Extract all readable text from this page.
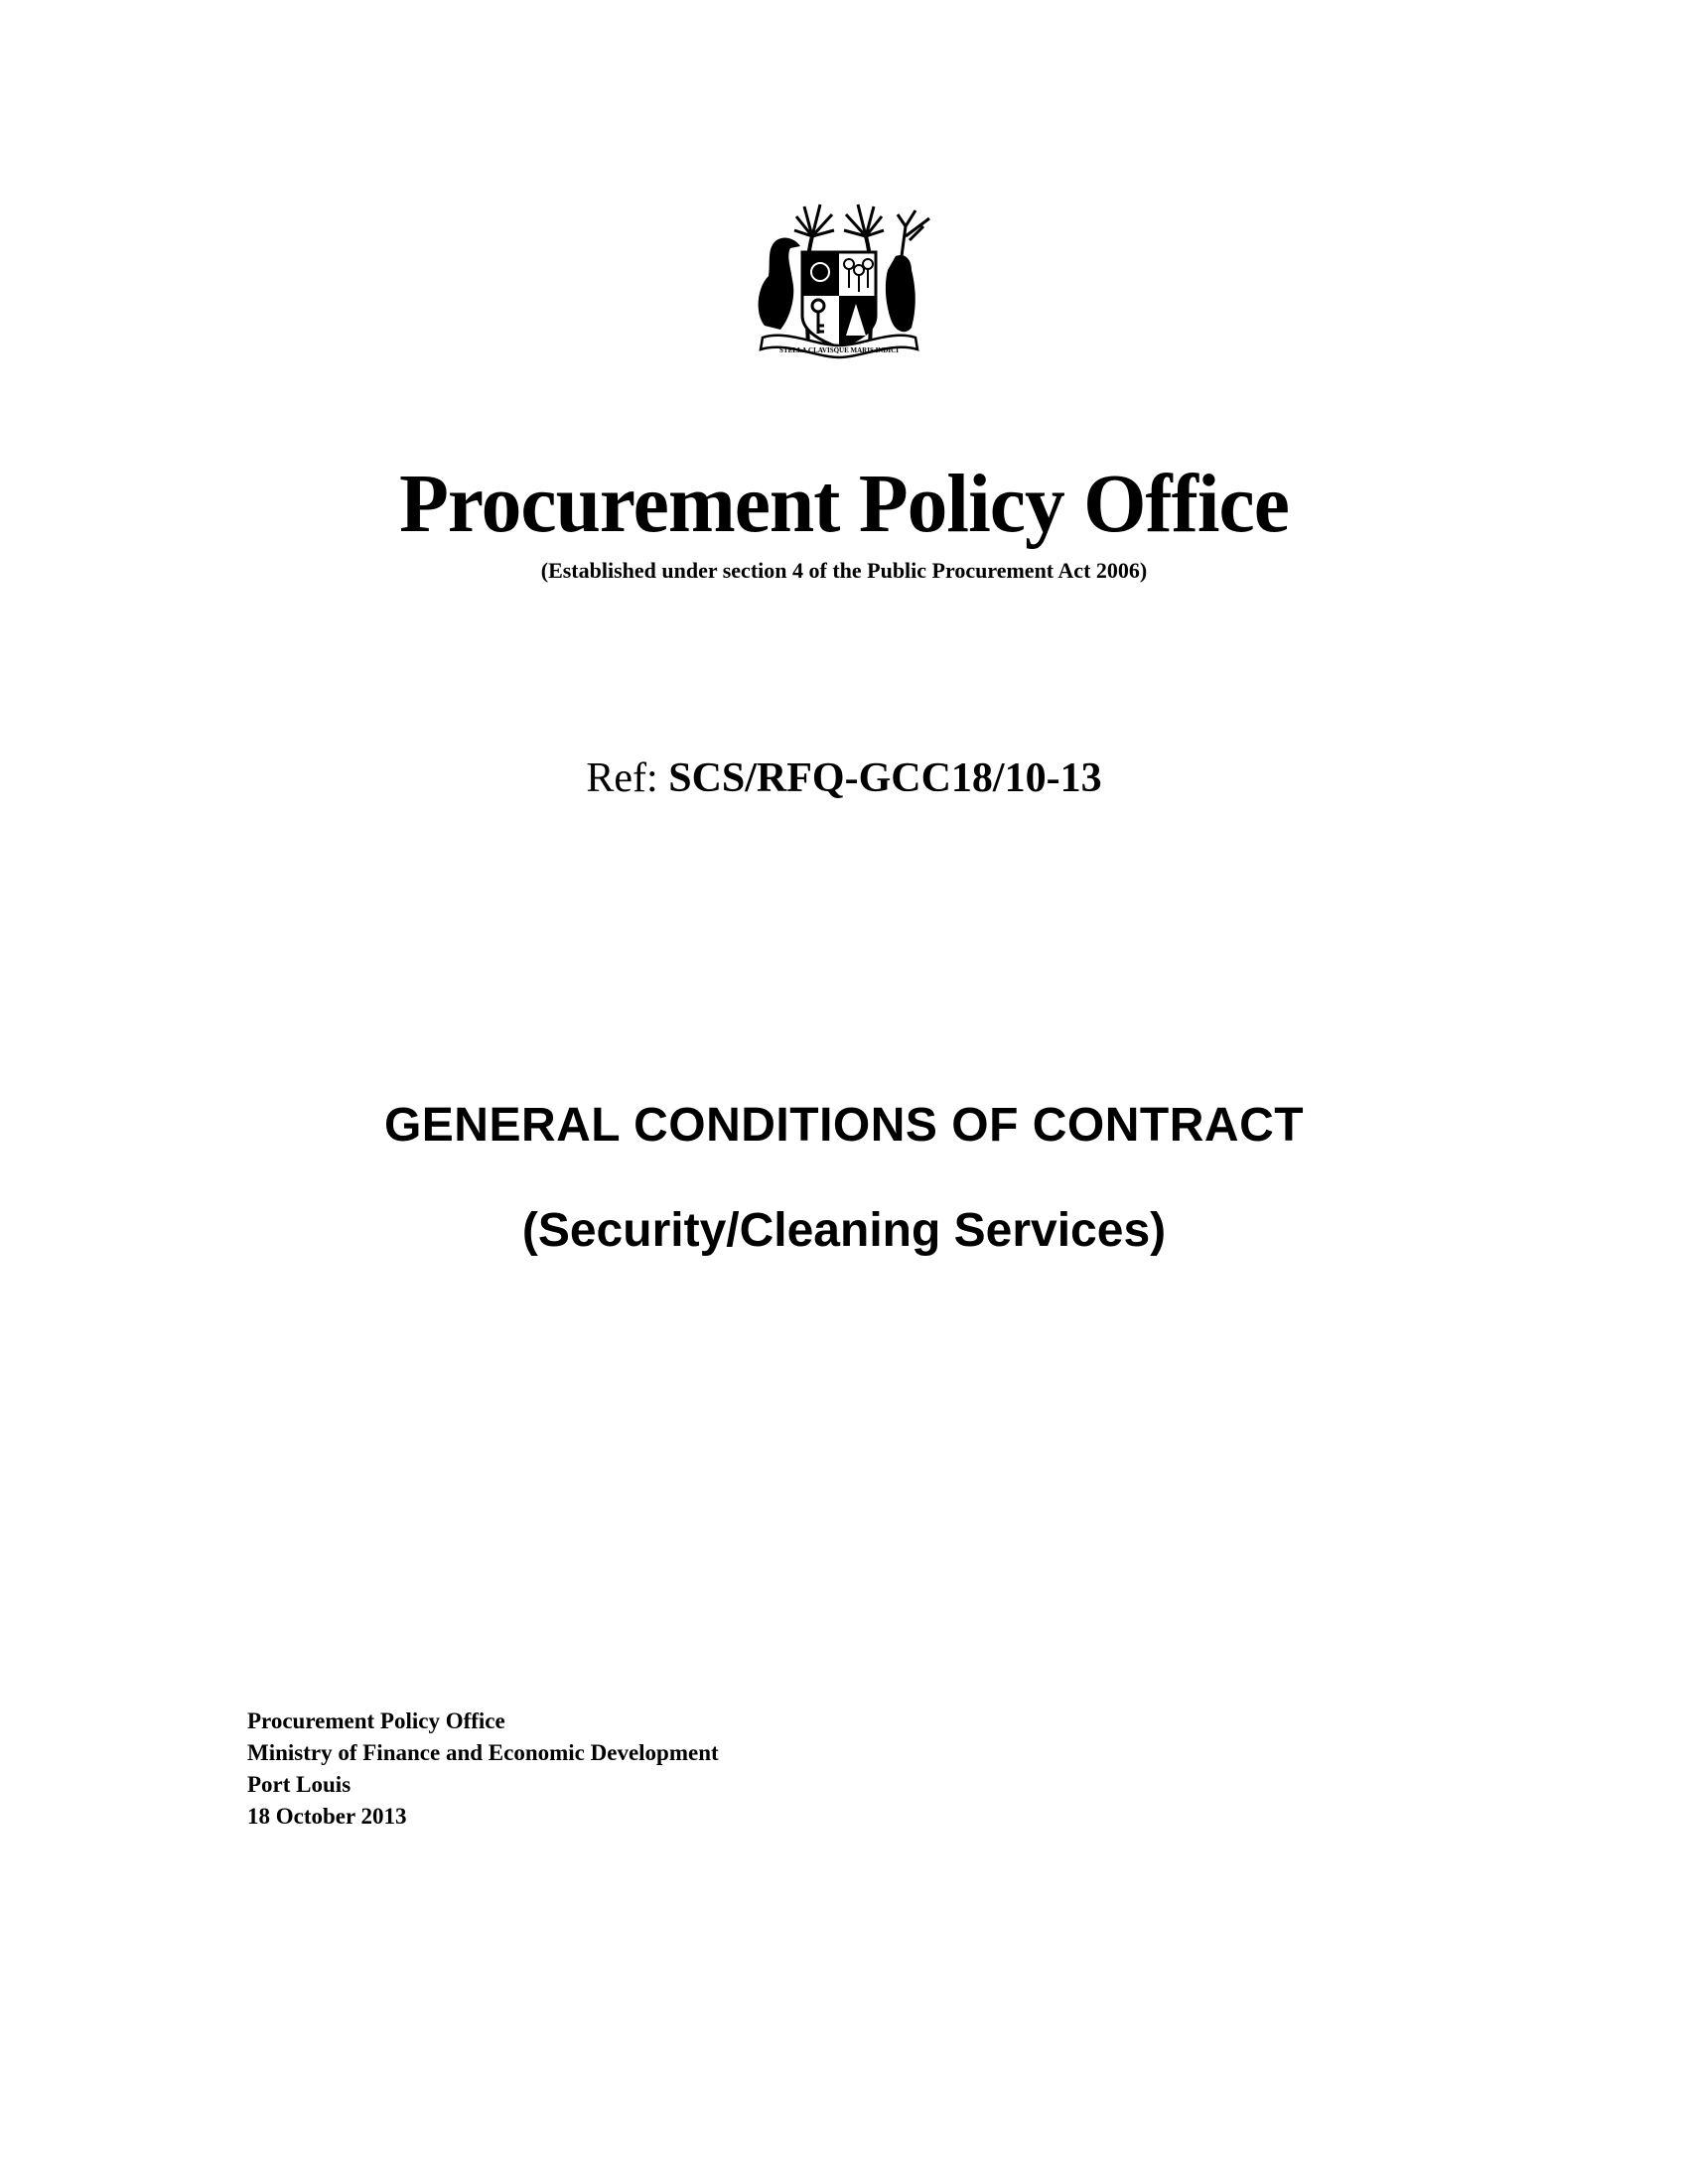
STELLA CLAVISQUE MARIS INDICI
Procurement Policy Office
(Established under section 4 of the Public Procurement Act 2006)
Ref: SCS/RFQ-GCC18/10-13
GENERAL CONDITIONS OF CONTRACT
(Security/Cleaning Services)
Procurement Policy Office
Ministry of Finance and Economic Development
Port Louis
18 October 2013
